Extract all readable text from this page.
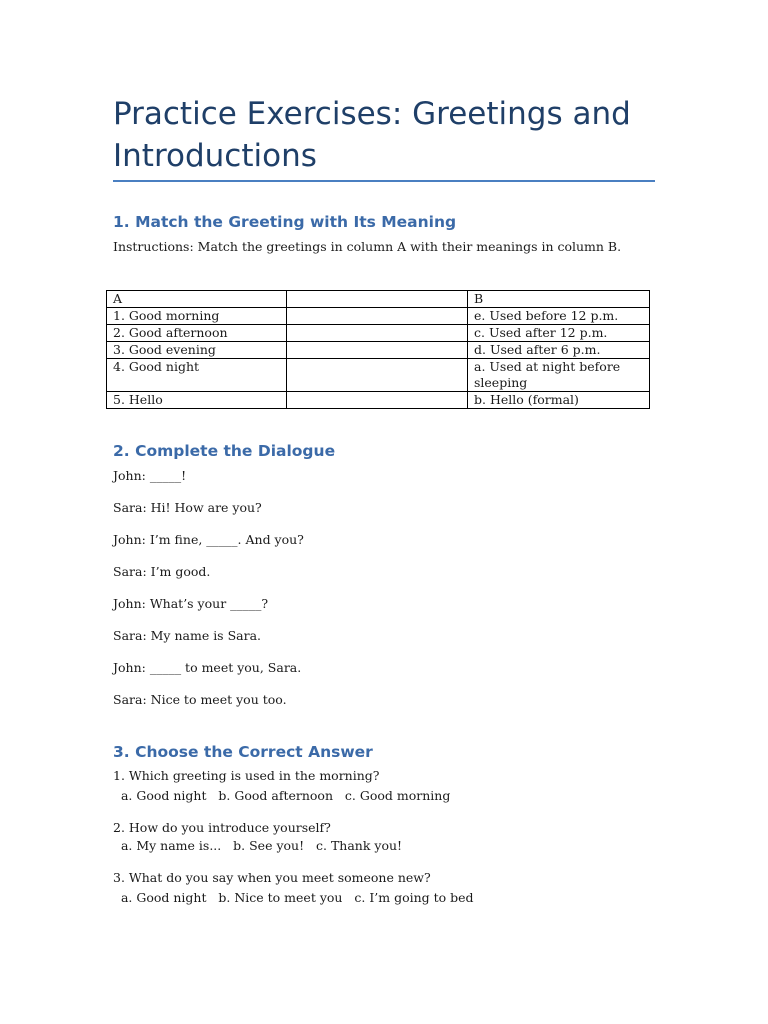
Practice Exercises: Greetings and
Introductions
1. Match the Greeting with Its Meaning
Instructions: Match the greetings in column A with their meanings in column B.
A		B
1. Good morning		e. Used before 12 p.m.
2. Good afternoon		c. Used after 12 p.m.
3. Good evening		d. Used after 6 p.m.
4. Good night		a. Used at night before sleeping
5. Hello		b. Hello (formal)
2. Complete the Dialogue
John: _____!
Sara: Hi! How are you?
John: I’m fine, _____. And you?
Sara: I’m good.
John: What’s your _____?
Sara: My name is Sara.
John: _____ to meet you, Sara.
Sara: Nice to meet you too.
3. Choose the Correct Answer
1. Which greeting is used in the morning?
a. Good night   b. Good afternoon   c. Good morning
2. How do you introduce yourself?
a. My name is...   b. See you!   c. Thank you!
3. What do you say when you meet someone new?
a. Good night   b. Nice to meet you   c. I’m going to bed
